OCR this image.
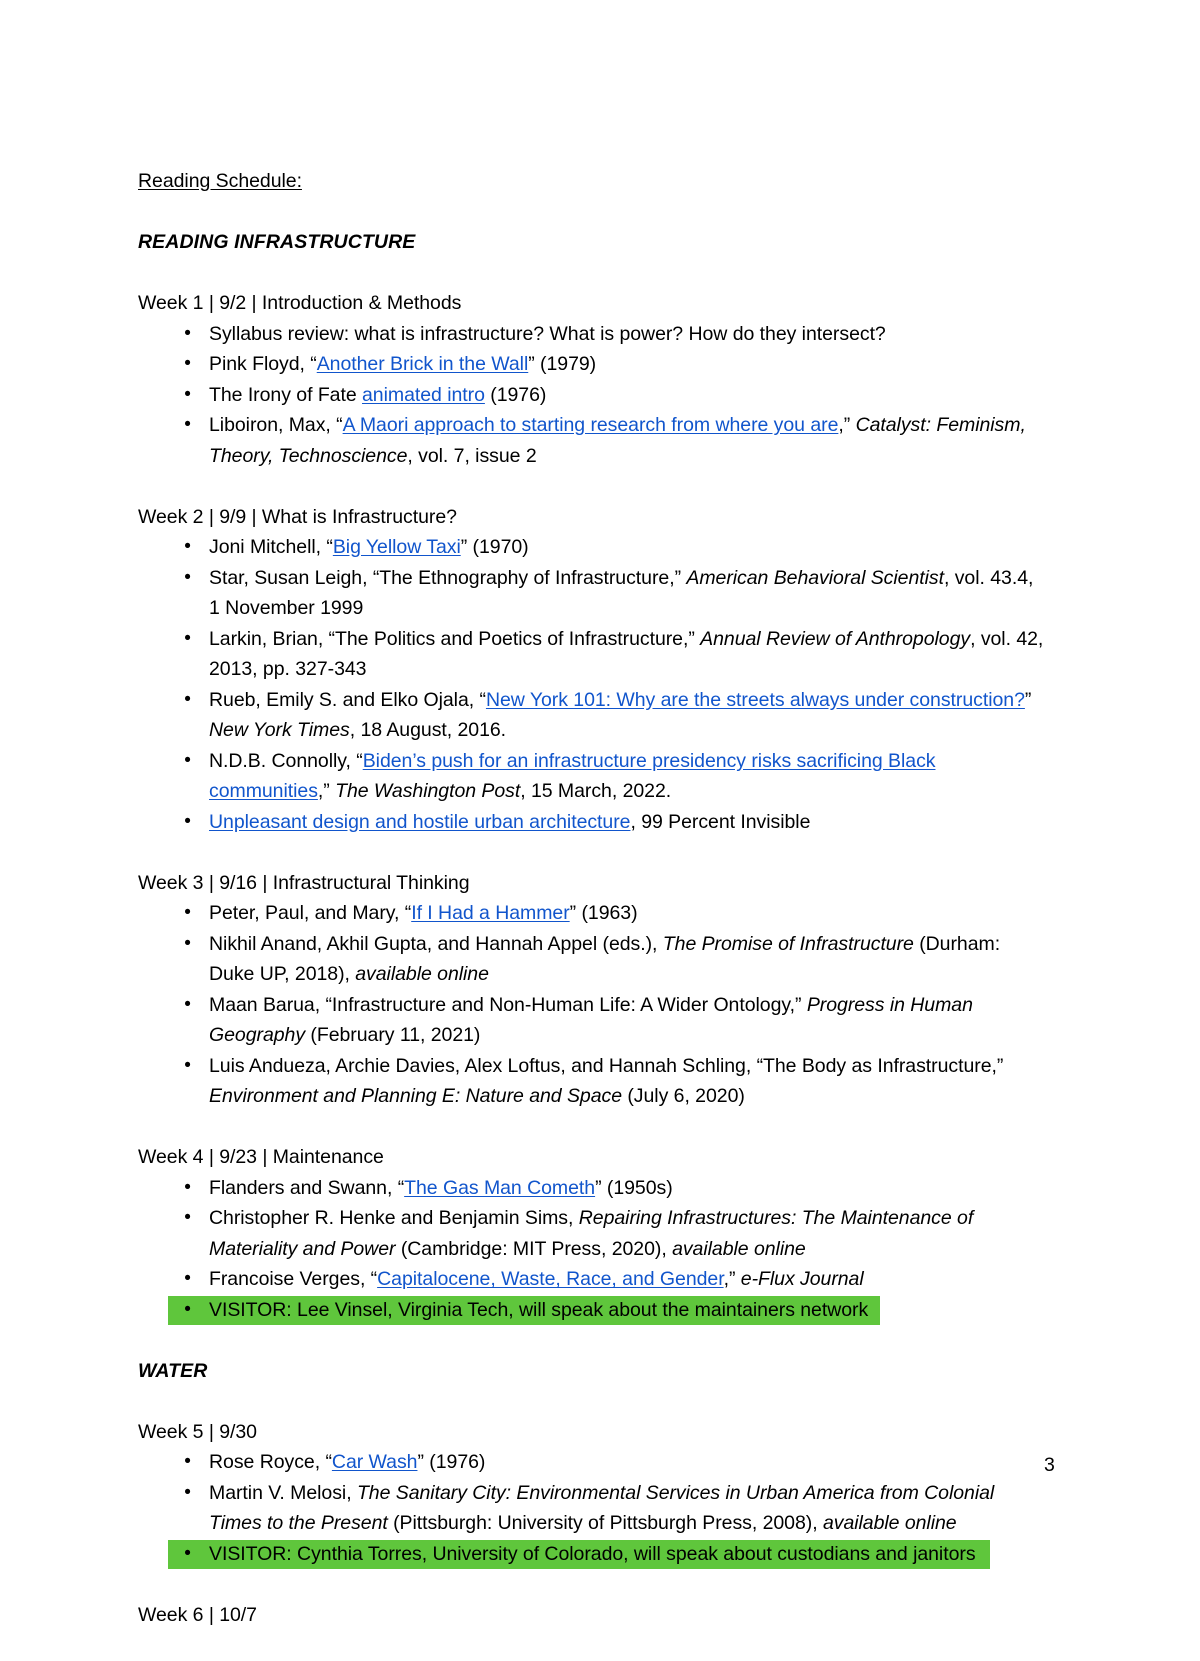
Reading Schedule:

READING INFRASTRUCTURE

Week 1 | 9/2 | Introduction & Methods

•
Syllabus review: what is infrastructure? What is power? How do they intersect?
•
Pink Floyd, “Another Brick in the Wall” (1979)
•
The Irony of Fate animated intro (1976)
•
Liboiron, Max, “A Maori approach to starting research from where you are,” Catalyst: Feminism, Theory, Technoscience, vol. 7, issue 2

Week 2 | 9/9 | What is Infrastructure?

•
Joni Mitchell, “Big Yellow Taxi” (1970)
•
Star, Susan Leigh, “The Ethnography of Infrastructure,” American Behavioral Scientist, vol. 43.4, 1 November 1999
•
Larkin, Brian, “The Politics and Poetics of Infrastructure,” Annual Review of Anthropology, vol. 42, 2013, pp. 327-343
•
Rueb, Emily S. and Elko Ojala, “New York 101: Why are the streets always under construction?” New York Times, 18 August, 2016.
•
N.D.B. Connolly, “Biden’s push for an infrastructure presidency risks sacrificing Black communities,” The Washington Post, 15 March, 2022.
•
Unpleasant design and hostile urban architecture, 99 Percent Invisible

Week 3 | 9/16 | Infrastructural Thinking

•
Peter, Paul, and Mary, “If I Had a Hammer” (1963)
•
Nikhil Anand, Akhil Gupta, and Hannah Appel (eds.), The Promise of Infrastructure (Durham: Duke UP, 2018), available online
•
Maan Barua, “Infrastructure and Non-Human Life: A Wider Ontology,” Progress in Human Geography (February 11, 2021)
•
Luis Andueza, Archie Davies, Alex Loftus, and Hannah Schling, “The Body as Infrastructure,” Environment and Planning E: Nature and Space (July 6, 2020)

Week 4 | 9/23 | Maintenance

•
Flanders and Swann, “The Gas Man Cometh” (1950s)
•
Christopher R. Henke and Benjamin Sims, Repairing Infrastructures: The Maintenance of Materiality and Power (Cambridge: MIT Press, 2020), available online
•
Francoise Verges, “Capitalocene, Waste, Race, and Gender,” e-Flux Journal
•
VISITOR: Lee Vinsel, Virginia Tech, will speak about the maintainers network

WATER

Week 5 | 9/30

•
Rose Royce, “Car Wash” (1976)
•
Martin V. Melosi, The Sanitary City: Environmental Services in Urban America from Colonial Times to the Present (Pittsburgh: University of Pittsburgh Press, 2008), available online
•
VISITOR: Cynthia Torres, University of Colorado, will speak about custodians and janitors

Week 6 | 10/7

3
